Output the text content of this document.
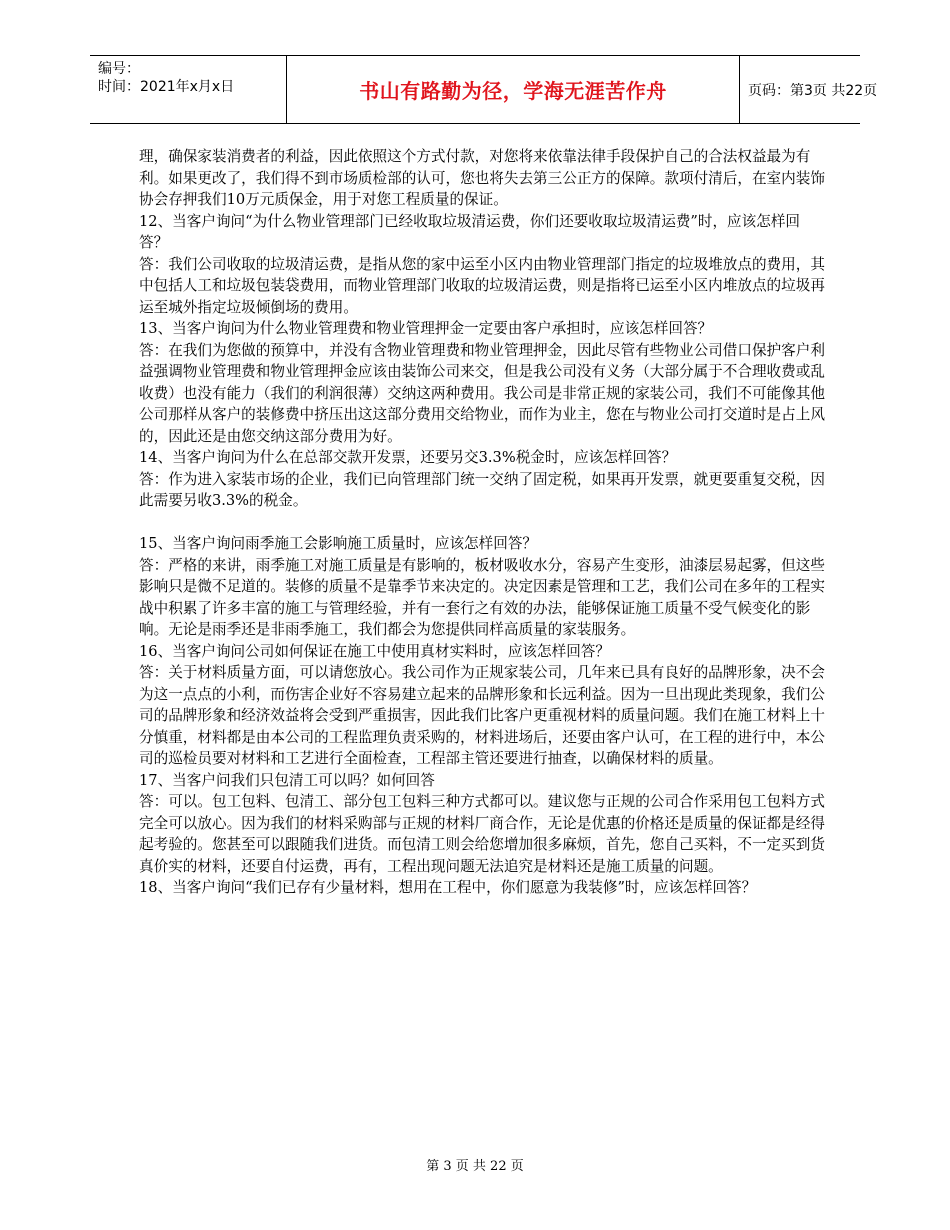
编号：
时间：2021年x月x日	书山有路勤为径，学海无涯苦作舟	页码：第3页 共22页

理，确保家装消费者的利益，因此依照这个方式付款，对您将来依靠法律手段保护自己的合法权益最为有利。如果更改了，我们得不到市场质检部的认可，您也将失去第三公正方的保障。款项付清后，在室内装饰协会存押我们10万元质保金，用于对您工程质量的保证。

12、当客户询问“为什么物业管理部门已经收取垃圾清运费，你们还要收取垃圾清运费”时，应该怎样回答？

答：我们公司收取的垃圾清运费，是指从您的家中运至小区内由物业管理部门指定的垃圾堆放点的费用，其中包括人工和垃圾包装袋费用，而物业管理部门收取的垃圾清运费，则是指将已运至小区内堆放点的垃圾再运至城外指定垃圾倾倒场的费用。

13、当客户询问为什么物业管理费和物业管理押金一定要由客户承担时，应该怎样回答？

答：在我们为您做的预算中，并没有含物业管理费和物业管理押金，因此尽管有些物业公司借口保护客户利益强调物业管理费和物业管理押金应该由装饰公司来交，但是我公司没有义务（大部分属于不合理收费或乱收费）也没有能力（我们的利润很薄）交纳这两种费用。我公司是非常正规的家装公司，我们不可能像其他公司那样从客户的装修费中挤压出这这部分费用交给物业，而作为业主，您在与物业公司打交道时是占上风的，因此还是由您交纳这部分费用为好。

14、当客户询问为什么在总部交款开发票，还要另交3.3%税金时，应该怎样回答？

答：作为进入家装市场的企业，我们已向管理部门统一交纳了固定税，如果再开发票，就更要重复交税，因此需要另收3.3%的税金。

15、当客户询问雨季施工会影响施工质量时，应该怎样回答？

答：严格的来讲，雨季施工对施工质量是有影响的，板材吸收水分，容易产生变形，油漆层易起雾，但这些影响只是微不足道的。装修的质量不是靠季节来决定的。决定因素是管理和工艺，我们公司在多年的工程实战中积累了许多丰富的施工与管理经验，并有一套行之有效的办法，能够保证施工质量不受气候变化的影响。无论是雨季还是非雨季施工，我们都会为您提供同样高质量的家装服务。

16、当客户询问公司如何保证在施工中使用真材实料时，应该怎样回答？

答：关于材料质量方面，可以请您放心。我公司作为正规家装公司，几年来已具有良好的品牌形象，决不会为这一点点的小利，而伤害企业好不容易建立起来的品牌形象和长远利益。因为一旦出现此类现象，我们公司的品牌形象和经济效益将会受到严重损害，因此我们比客户更重视材料的质量问题。我们在施工材料上十分慎重，材料都是由本公司的工程监理负责采购的，材料进场后，还要由客户认可，在工程的进行中，本公司的巡检员要对材料和工艺进行全面检查，工程部主管还要进行抽查，以确保材料的质量。

17、当客户问我们只包清工可以吗？如何回答

答：可以。包工包料、包清工、部分包工包料三种方式都可以。建议您与正规的公司合作采用包工包料方式完全可以放心。因为我们的材料采购部与正规的材料厂商合作，无论是优惠的价格还是质量的保证都是经得起考验的。您甚至可以跟随我们进货。而包清工则会给您增加很多麻烦，首先，您自己买料，不一定买到货真价实的材料，还要自付运费，再有，工程出现问题无法追究是材料还是施工质量的问题。

18、当客户询问“我们已存有少量材料，想用在工程中，你们愿意为我装修”时，应该怎样回答？

第 3 页 共 22 页
